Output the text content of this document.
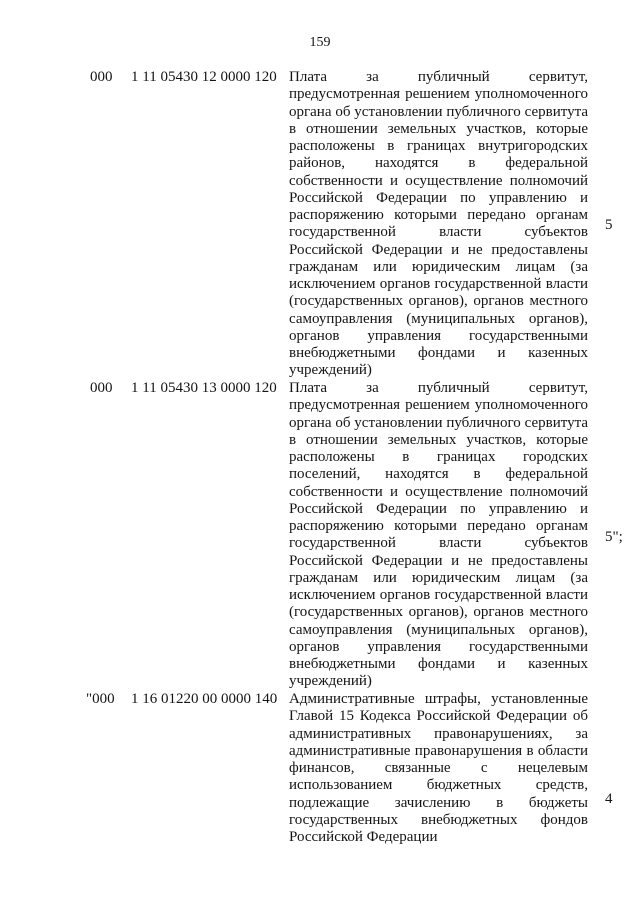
159
000 1 11 05430 12 0000 120 Плата за публичный сервитут,
предусмотренная решением уполномоченного
органа об установлении публичного сервитута
в отношении земельных участков, которые
расположены в границах внутригородских
районов, находятся в федеральной
собственности и осуществление полномочий
Российской Федерации по управлению и
распоряжению которыми передано органам
государственной власти субъектов
Российской Федерации и не предоставлены
гражданам или юридическим лицам (за
исключением органов государственной власти
(государственных органов), органов местного
самоуправления (муниципальных органов),
органов управления государственными
внебюджетными фондами и казенных
учреждений)
5
000 1 11 05430 13 0000 120 Плата за публичный сервитут,
предусмотренная решением уполномоченного
органа об установлении публичного сервитута
в отношении земельных участков, которые
расположены в границах городских
поселений, находятся в федеральной
собственности и осуществление полномочий
Российской Федерации по управлению и
распоряжению которыми передано органам
государственной власти субъектов
Российской Федерации и не предоставлены
гражданам или юридическим лицам (за
исключением органов государственной власти
(государственных органов), органов местного
самоуправления (муниципальных органов),
органов управления государственными
внебюджетными фондами и казенных
учреждений)
5";
"000 1 16 01220 00 0000 140 Административные штрафы, установленные
Главой 15 Кодекса Российской Федерации об
административных правонарушениях, за
административные правонарушения в области
финансов, связанные с нецелевым
использованием бюджетных средств,
подлежащие зачислению в бюджеты
государственных внебюджетных фондов
Российской Федерации
4
